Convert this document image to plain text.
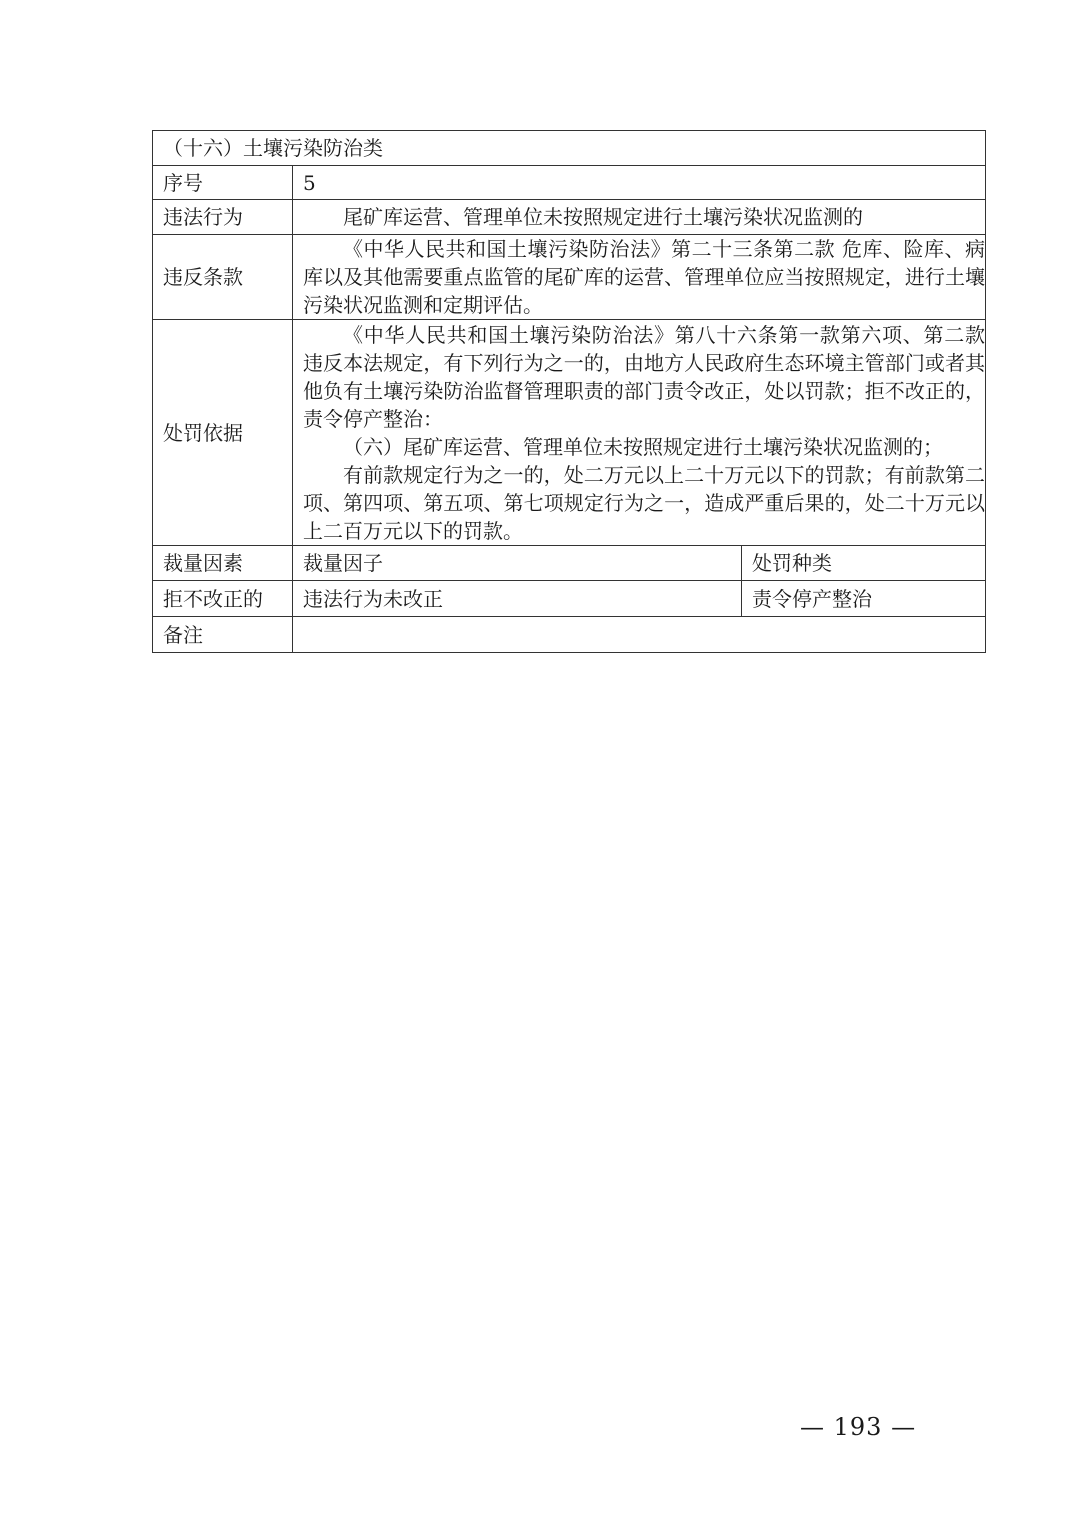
（十六）土壤污染防治类		
序号	5	
违法行为	尾矿库运营、管理单位未按照规定进行土壤污染状况监测的	
违反条款	《中华人民共和国土壤污染防治法》第二十三条第二款 危库、险库、病库以及其他需要重点监管的尾矿库的运营、管理单位应当按照规定，进行土壤污染状况监测和定期评估。	
处罚依据	《中华人民共和国土壤污染防治法》第八十六条第一款第六项、第二款 违反本法规定，有下列行为之一的，由地方人民政府生态环境主管部门或者其他负有土壤污染防治监督管理职责的部门责令改正，处以罚款；拒不改正的，责令停产整治：

（六）尾矿库运营、管理单位未按照规定进行土壤污染状况监测的；

有前款规定行为之一的，处二万元以上二十万元以下的罚款；有前款第二项、第四项、第五项、第七项规定行为之一，造成严重后果的，处二十万元以上二百万元以下的罚款。	

裁量因素	裁量因子	处罚种类
拒不改正的	违法行为未改正	责令停产整治
备注		
— 193 —
